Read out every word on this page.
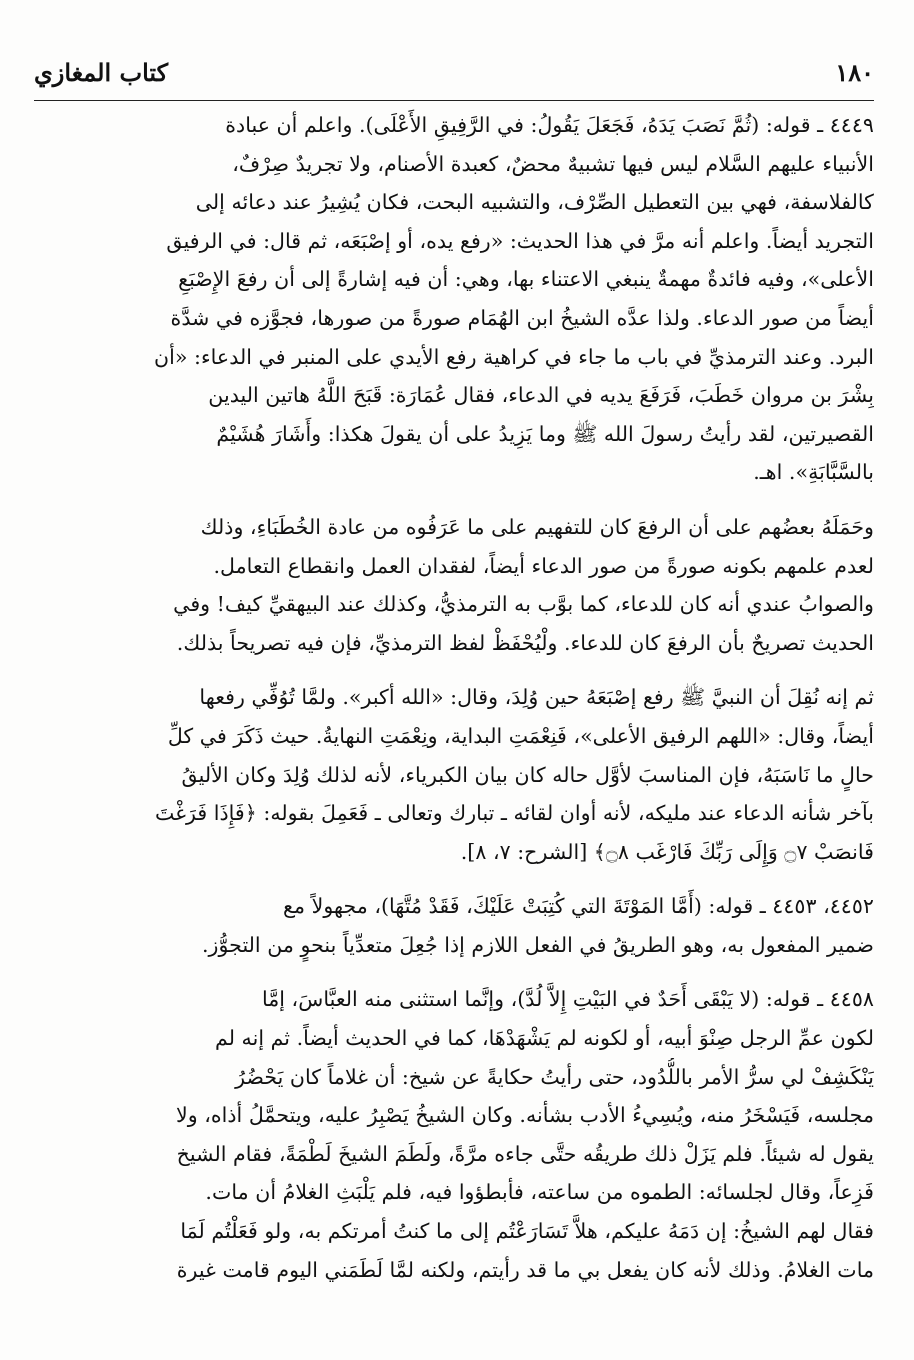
١٨٠
كتاب المغازي

٤٤٤٩ ـ قوله: (ثُمَّ نَصَبَ يَدَهُ، فَجَعَلَ يَقُولُ: في الرَّفِيقِ الأَعْلَى). واعلم أن عبادة
الأنبياء عليهم السَّلام ليس فيها تشبيهٌ محضٌ، كعبدة الأصنام، ولا تجريدٌ صِرْفٌ،
كالفلاسفة، فهي بين التعطيل الصِّرْف، والتشبيه البحت، فكان يُشِيرُ عند دعائه إلى
التجريد أيضاً. واعلم أنه مرَّ في هذا الحديث: «رفع يده، أو إصْبَعَه، ثم قال: في الرفيق
الأعلى»، وفيه فائدةٌ مهمةٌ ينبغي الاعتناء بها، وهي: أن فيه إشارةً إلى أن رفعَ الإِصْبَعِ
أيضاً من صور الدعاء. ولذا عدَّه الشيخُ ابن الهُمَام صورةً من صورها، فجوَّزه في شدَّة
البرد. وعند الترمذيِّ في باب ما جاء في كراهية رفع الأيدي على المنبر في الدعاء: «أن
بِشْرَ بن مروان خَطَبَ، فَرَفَعَ يديه في الدعاء، فقال عُمَارَة: قَبَحَ اللَّهُ هاتين اليدين
القصيرتين، لقد رأيتُ رسولَ الله ﷺ وما يَزِيدُ على أن يقولَ هكذا: وأَشَارَ هُشَيْمٌ
بالسَّبَّابَةِ». اهـ.

وحَمَلَهُ بعضُهم على أن الرفعَ كان للتفهيم على ما عَرَفُوه من عادة الخُطَبَاءِ، وذلك
لعدم علمهم بكونه صورةً من صور الدعاء أيضاً، لفقدان العمل وانقطاع التعامل.
والصوابُ عندي أنه كان للدعاء، كما بوَّب به الترمذيُّ، وكذلك عند البيهقيِّ كيف! وفي
الحديث تصريحٌ بأن الرفعَ كان للدعاء. ولْيُحْفَظْ لفظ الترمذيِّ، فإن فيه تصريحاً بذلك.

ثم إنه نُقِلَ أن النبيَّ ﷺ رفع إصْبَعَهُ حين وُلِدَ، وقال: «الله أكبر». ولمَّا تُوُفِّي رفعها
أيضاً، وقال: «اللهم الرفيق الأعلى»، فَنِعْمَتِ البداية، ونِعْمَتِ النهايةُ. حيث ذَكَرَ في كلِّ
حالٍ ما نَاسَبَهُ، فإن المناسبَ لأوَّل حاله كان بيان الكبرياء، لأنه لذلك وُلِدَ وكان الأليقُ
بآخر شأنه الدعاء عند مليكه، لأنه أوان لقائه ـ تبارك وتعالى ـ فَعَمِلَ بقوله: ﴿فَإِذَا فَرَغْتَ
فَانصَبْ ۝٧ وَإِلَى رَبِّكَ فَارْغَب ۝٨﴾ [الشرح: ٧، ٨].

٤٤٥٢، ٤٤٥٣ ـ قوله: (أَمَّا المَوْتَةَ التي كُتِبَتْ عَلَيْكَ، فَقَدْ مُتَّهَا)، مجهولاً مع
ضمير المفعول به، وهو الطريقُ في الفعل اللازم إذا جُعِلَ متعدِّياً بنحوٍ من التجوُّز.

٤٤٥٨ ـ قوله: (لا يَبْقَى أَحَدٌ في البَيْتِ إِلاَّ لُدَّ)، وإنَّما استثنى منه العبَّاسَ، إمَّا
لكون عمِّ الرجل صِنْوَ أبيه، أو لكونه لم يَشْهَدْهَا، كما في الحديث أيضاً. ثم إنه لم
يَنْكَشِفْ لي سرُّ الأمر باللُّدُود، حتى رأيتُ حكايةً عن شيخ: أن غلاماً كان يَحْضُرُ
مجلسه، فَيَسْخَرُ منه، ويُسِيءُ الأدب بشأنه. وكان الشيخُ يَصْبِرُ عليه، ويتحمَّلُ أذاه، ولا
يقول له شيئاً. فلم يَزَلْ ذلك طريقُه حتَّى جاءه مرَّةً، ولَطَمَ الشيخَ لَطْمَةً، فقام الشيخ
فَزِعاً، وقال لجلسائه: الطموه من ساعته، فأبطؤوا فيه، فلم يَلْبَثِ الغلامُ أن مات.
فقال لهم الشيخُ: إن دَمَهُ عليكم، هلاَّ تَسَارَعْتُم إلى ما كنتُ أمرتكم به، ولو فَعَلْتُم لَمَا
مات الغلامُ. وذلك لأنه كان يفعل بي ما قد رأيتم، ولكنه لمَّا لَطَمَني اليوم قامت غيرة
